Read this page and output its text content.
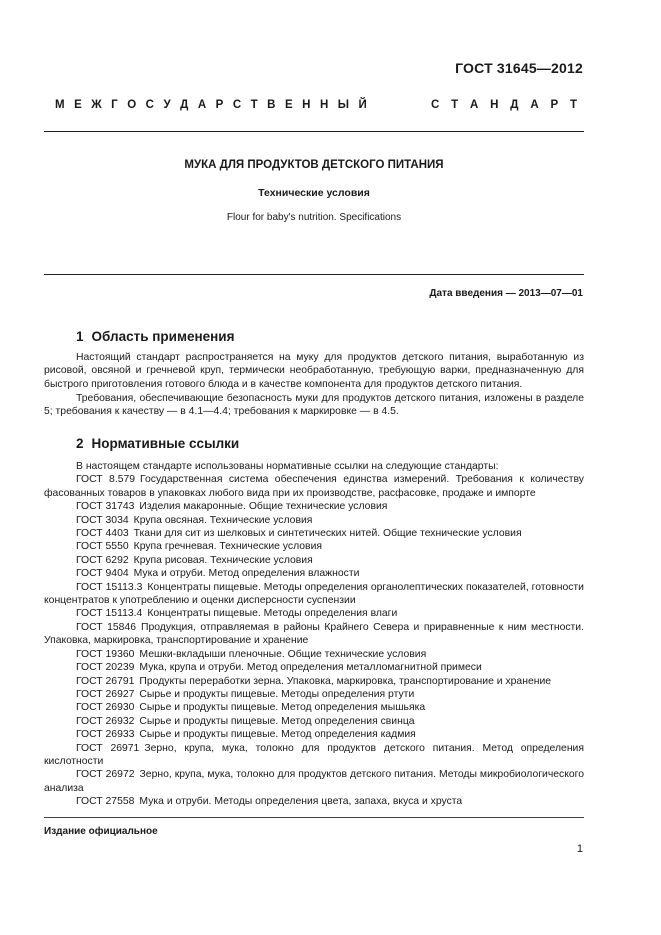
ГОСТ 31645—2012
М Е Ж Г О С У Д А Р С Т В Е Н Н Ы Й	С Т А Н Д А Р Т
МУКА ДЛЯ ПРОДУКТОВ ДЕТСКОГО ПИТАНИЯ
Технические условия
Flour for baby's nutrition. Specifications
Дата введения — 2013—07—01
1 Область применения
Настоящий стандарт распространяется на муку для продуктов детского питания, выработанную из рисовой, овсяной и гречневой круп, термически необработанную, требующую варки, предназначенную для быстрого приготовления готового блюда и в качестве компонента для продуктов детского питания.
Требования, обеспечивающие безопасность муки для продуктов детского питания, изложены в разделе 5; требования к качеству — в 4.1—4.4; требования к маркировке — в 4.5.
2 Нормативные ссылки
В настоящем стандарте использованы нормативные ссылки на следующие стандарты:
ГОСТ 8.579 Государственная система обеспечения единства измерений. Требования к количеству фасованных товаров в упаковках любого вида при их производстве, расфасовке, продаже и импорте
ГОСТ 31743 Изделия макаронные. Общие технические условия
ГОСТ 3034 Крупа овсяная. Технические условия
ГОСТ 4403 Ткани для сит из шелковых и синтетических нитей. Общие технические условия
ГОСТ 5550 Крупа гречневая. Технические условия
ГОСТ 6292 Крупа рисовая. Технические условия
ГОСТ 9404 Мука и отруби. Метод определения влажности
ГОСТ 15113.3 Концентраты пищевые. Методы определения органолептических показателей, готовности концентратов к употреблению и оценки дисперсности суспензии
ГОСТ 15113.4 Концентраты пищевые. Методы определения влаги
ГОСТ 15846 Продукция, отправляемая в районы Крайнего Севера и приравненные к ним местности. Упаковка, маркировка, транспортирование и хранение
ГОСТ 19360 Мешки-вкладыши пленочные. Общие технические условия
ГОСТ 20239 Мука, крупа и отруби. Метод определения металломагнитной примеси
ГОСТ 26791 Продукты переработки зерна. Упаковка, маркировка, транспортирование и хранение
ГОСТ 26927 Сырье и продукты пищевые. Методы определения ртути
ГОСТ 26930 Сырье и продукты пищевые. Метод определения мышьяка
ГОСТ 26932 Сырье и продукты пищевые. Метод определения свинца
ГОСТ 26933 Сырье и продукты пищевые. Метод определения кадмия
ГОСТ 26971 Зерно, крупа, мука, толокно для продуктов детского питания. Метод определения кислотности
ГОСТ 26972 Зерно, крупа, мука, толокно для продуктов детского питания. Методы микробиологического анализа
ГОСТ 27558 Мука и отруби. Методы определения цвета, запаха, вкуса и хруста
Издание официальное
1
